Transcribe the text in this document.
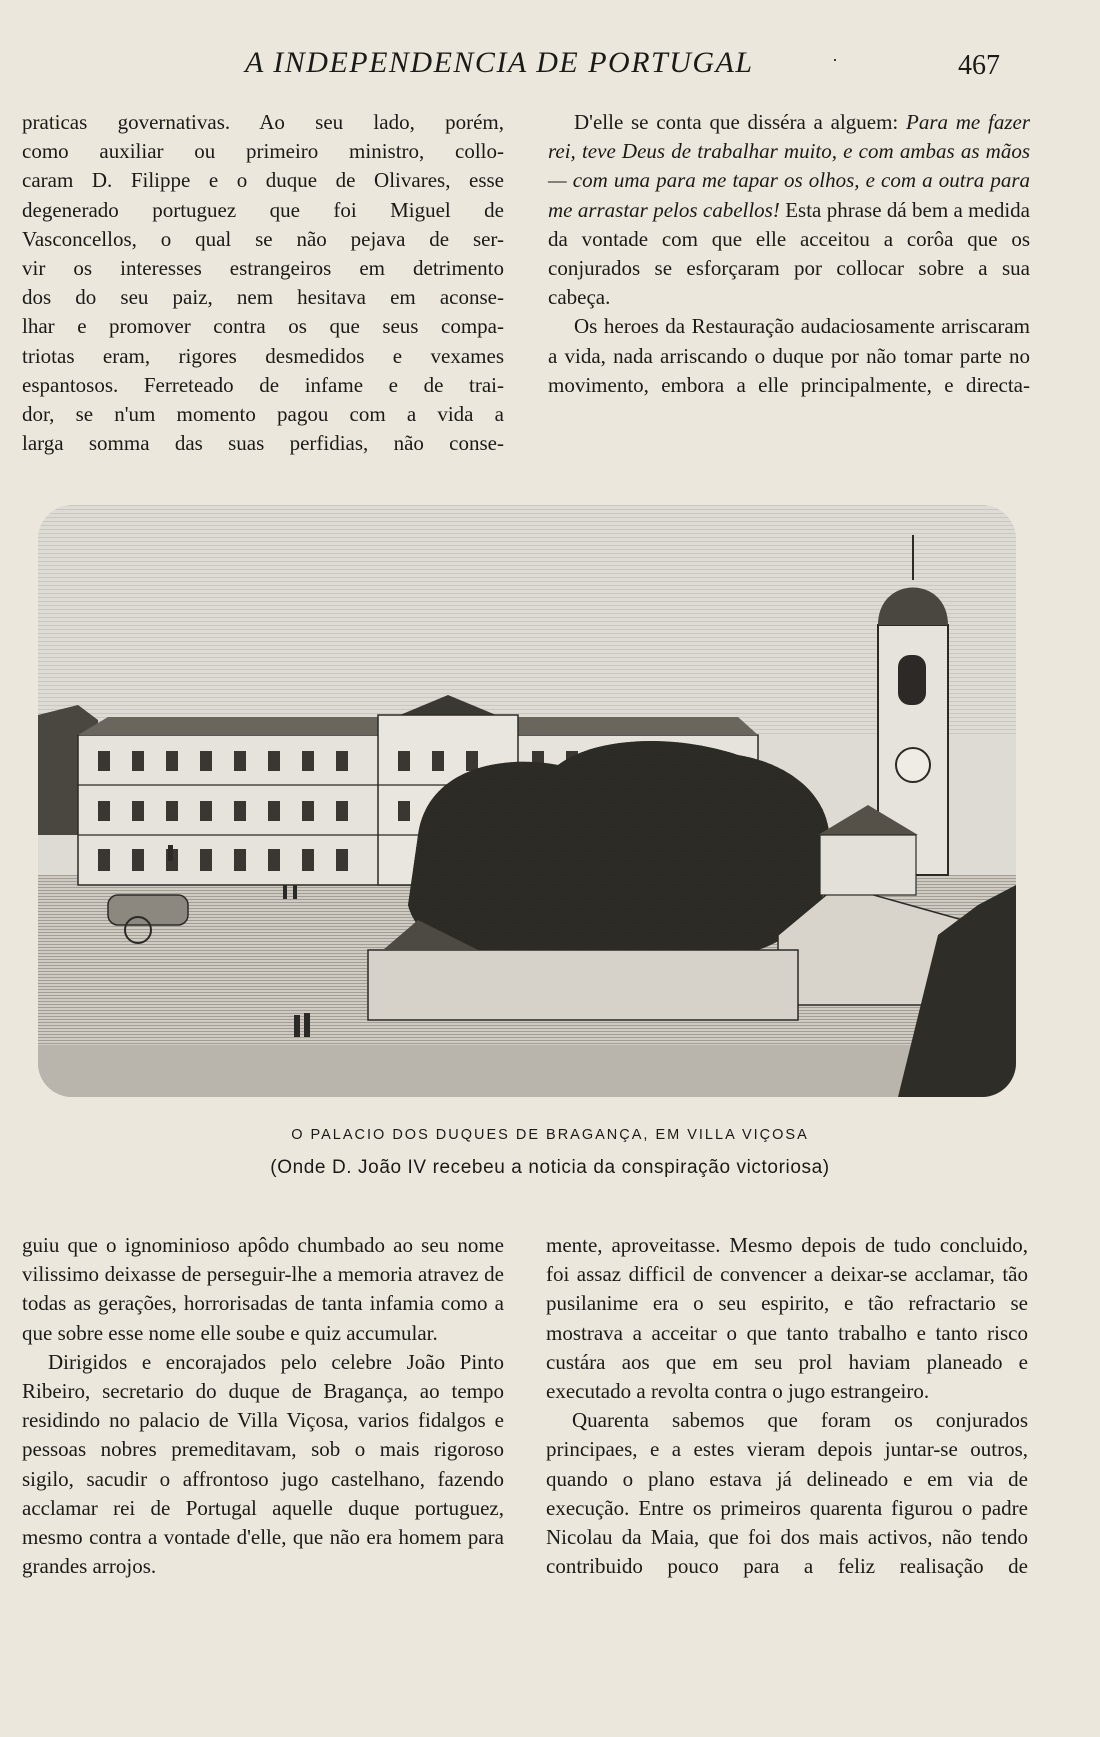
A INDEPENDENCIA DE PORTUGAL	·	467
praticas governativas. Ao seu lado, porém,
como auxiliar ou primeiro ministro, collo-
caram D. Filippe e o duque de Olivares, esse
degenerado portuguez que foi Miguel de
Vasconcellos, o qual se não pejava de ser-
vir os interesses estrangeiros em detrimento
dos do seu paiz, nem hesitava em aconse-
lhar e promover contra os que seus compa-
triotas eram, rigores desmedidos e vexames
espantosos. Ferreteado de infame e de trai-
dor, se n'um momento pagou com a vida a
larga somma das suas perfidias, não conse-

D'elle se conta que disséra a alguem: Para me fazer rei, teve Deus de trabalhar muito, e com ambas as mãos — com uma para me tapar os olhos, e com a outra para me arrastar pelos cabellos! Esta phrase dá bem a medida da vontade com que elle acceitou a corôa que os conjurados se esforçaram por collocar sobre a sua cabeça.

Os heroes da Restauração audaciosamente arriscaram a vida, nada arriscando o duque por não tomar parte no movimento, embora a elle principalmente, e directa-

O PALACIO DOS DUQUES DE BRAGANÇA, EM VILLA VIÇOSA
(Onde D. João IV recebeu a noticia da conspiração victoriosa)

guiu que o ignominioso apôdo chumbado ao seu nome vilissimo deixasse de perseguir-lhe a memoria atravez de todas as gerações, horrorisadas de tanta infamia como a que sobre esse nome elle soube e quiz accumular.

Dirigidos e encorajados pelo celebre João Pinto Ribeiro, secretario do duque de Bragança, ao tempo residindo no palacio de Villa Viçosa, varios fidalgos e pessoas nobres premeditavam, sob o mais rigoroso sigilo, sacudir o affrontoso jugo castelhano, fazendo acclamar rei de Portugal aquelle duque portuguez, mesmo contra a vontade d'elle, que não era homem para grandes arrojos.

mente, aproveitasse. Mesmo depois de tudo concluido, foi assaz difficil de convencer a deixar-se acclamar, tão pusilanime era o seu espirito, e tão refractario se mostrava a acceitar o que tanto trabalho e tanto risco custára aos que em seu prol haviam planeado e executado a revolta contra o jugo estrangeiro.

Quarenta sabemos que foram os conjurados principaes, e a estes vieram depois juntar-se outros, quando o plano estava já delineado e em via de execução. Entre os primeiros quarenta figurou o padre Nicolau da Maia, que foi dos mais activos, não tendo contribuido pouco para a feliz realisação de
